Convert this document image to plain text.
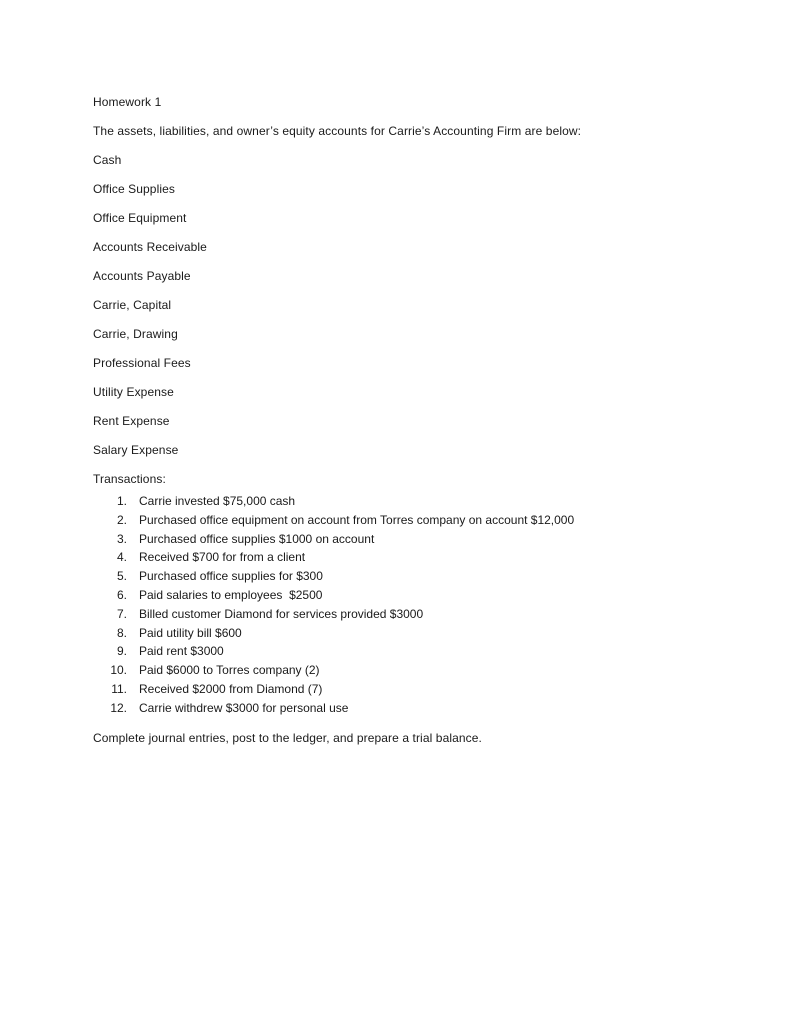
Homework 1

The assets, liabilities, and owner’s equity accounts for Carrie’s Accounting Firm are below:

Cash

Office Supplies

Office Equipment

Accounts Receivable

Accounts Payable

Carrie, Capital

Carrie, Drawing

Professional Fees

Utility Expense

Rent Expense

Salary Expense

Transactions:

1. Carrie invested $75,000 cash
2. Purchased office equipment on account from Torres company on account $12,000
3. Purchased office supplies $1000 on account
4. Received $700 for from a client
5. Purchased office supplies for $300
6. Paid salaries to employees  $2500
7. Billed customer Diamond for services provided $3000
8. Paid utility bill $600
9. Paid rent $3000
10. Paid $6000 to Torres company (2)
11. Received $2000 from Diamond (7)
12. Carrie withdrew $3000 for personal use

Complete journal entries, post to the ledger, and prepare a trial balance.
